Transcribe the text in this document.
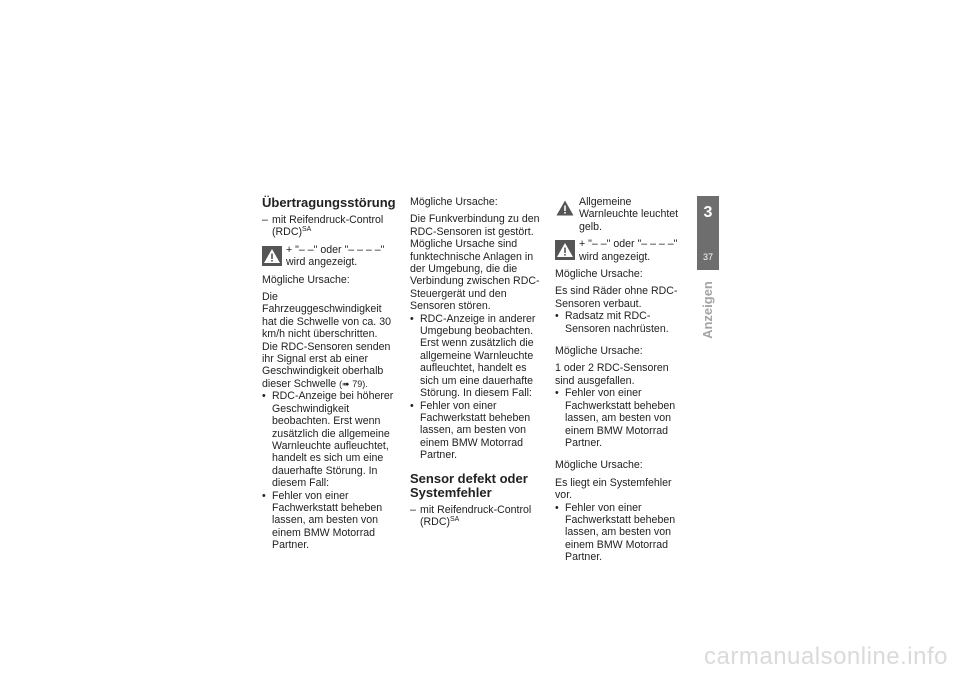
Übertragungsstörung
– mit Reifendruck-Control (RDC)$^{SA}$
+ "– –" oder "– – – –" wird angezeigt.

Mögliche Ursache:

Die Fahrzeuggeschwindigkeit hat die Schwelle von ca. 30 km/h nicht überschritten. Die RDC-Sensoren senden ihr Signal erst ab einer Geschwindigkeit oberhalb dieser Schwelle (➠ 79).

• RDC-Anzeige bei höherer Geschwindigkeit beobachten. Erst wenn zusätzlich die allgemeine Warnleuchte aufleuchtet, handelt es sich um eine dauerhafte Störung. In diesem Fall:
• Fehler von einer Fachwerkstatt beheben lassen, am besten von einem BMW Motorrad Partner.

Mögliche Ursache:

Die Funkverbindung zu den RDC-Sensoren ist gestört. Mögliche Ursache sind funktechnische Anlagen in der Umgebung, die die Verbindung zwischen RDC-Steuergerät und den Sensoren stören.

• RDC-Anzeige in anderer Umgebung beobachten. Erst wenn zusätzlich die allgemeine Warnleuchte aufleuchtet, handelt es sich um eine dauerhafte Störung. In diesem Fall:
• Fehler von einer Fachwerkstatt beheben lassen, am besten von einem BMW Motorrad Partner.
Sensor defekt oder Systemfehler
– mit Reifendruck-Control (RDC)$^{SA}$
Allgemeine Warnleuchte leuchtet gelb.
+ "– –" oder "– – – –" wird angezeigt.

Mögliche Ursache:

Es sind Räder ohne RDC-Sensoren verbaut.

• Radsatz mit RDC-Sensoren nachrüsten.

Mögliche Ursache:

1 oder 2 RDC-Sensoren sind ausgefallen.

• Fehler von einer Fachwerkstatt beheben lassen, am besten von einem BMW Motorrad Partner.

Mögliche Ursache:

Es liegt ein Systemfehler vor.

• Fehler von einer Fachwerkstatt beheben lassen, am besten von einem BMW Motorrad Partner.
3
37
Anzeigen
carmanualsonline.info
